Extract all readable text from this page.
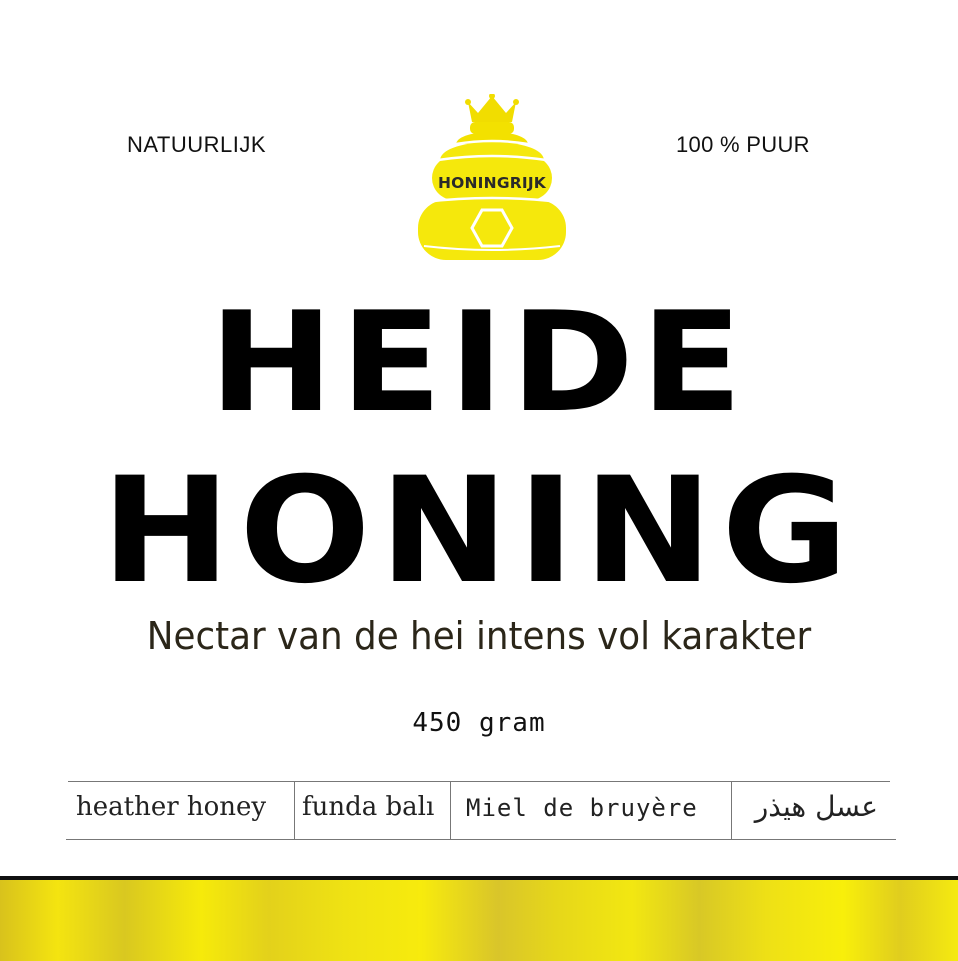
NATUURLIJK	100 % PUUR
HONINGRIJK
HEIDE
HONING
Nectar van de hei intens vol karakter
450 gram
heather honey funda balı Miel de bruyère	عسل هيذر
